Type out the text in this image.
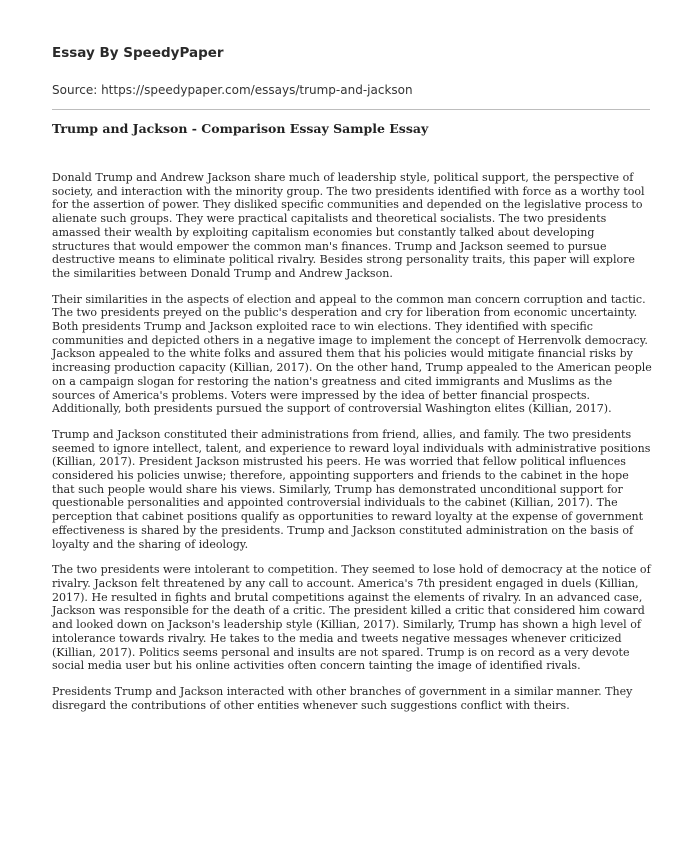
Essay By SpeedyPaper

Source: https://speedypaper.com/essays/trump-and-jackson

Trump and Jackson - Comparison Essay Sample Essay

Donald Trump and Andrew Jackson share much of leadership style, political support, the perspective of society, and interaction with the minority group. The two presidents identified with force as a worthy tool for the assertion of power. They disliked specific communities and depended on the legislative process to alienate such groups. They were practical capitalists and theoretical socialists. The two presidents amassed their wealth by exploiting capitalism economies but constantly talked about developing structures that would empower the common man's finances. Trump and Jackson seemed to pursue destructive means to eliminate political rivalry. Besides strong personality traits, this paper will explore the similarities between Donald Trump and Andrew Jackson.

Their similarities in the aspects of election and appeal to the common man concern corruption and tactic. The two presidents preyed on the public's desperation and cry for liberation from economic uncertainty. Both presidents Trump and Jackson exploited race to win elections. They identified with specific communities and depicted others in a negative image to implement the concept of Herrenvolk democracy. Jackson appealed to the white folks and assured them that his policies would mitigate financial risks by increasing production capacity (Killian, 2017). On the other hand, Trump appealed to the American people on a campaign slogan for restoring the nation's greatness and cited immigrants and Muslims as the sources of America's problems. Voters were impressed by the idea of better financial prospects. Additionally, both presidents pursued the support of controversial Washington elites (Killian, 2017).

Trump and Jackson constituted their administrations from friend, allies, and family. The two presidents seemed to ignore intellect, talent, and experience to reward loyal individuals with administrative positions (Killian, 2017). President Jackson mistrusted his peers. He was worried that fellow political influences considered his policies unwise; therefore, appointing supporters and friends to the cabinet in the hope that such people would share his views. Similarly, Trump has demonstrated unconditional support for questionable personalities and appointed controversial individuals to the cabinet (Killian, 2017). The perception that cabinet positions qualify as opportunities to reward loyalty at the expense of government effectiveness is shared by the presidents. Trump and Jackson constituted administration on the basis of loyalty and the sharing of ideology.

The two presidents were intolerant to competition. They seemed to lose hold of democracy at the notice of rivalry. Jackson felt threatened by any call to account. America's 7th president engaged in duels (Killian, 2017). He resulted in fights and brutal competitions against the elements of rivalry. In an advanced case, Jackson was responsible for the death of a critic. The president killed a critic that considered him coward and looked down on Jackson's leadership style (Killian, 2017). Similarly, Trump has shown a high level of intolerance towards rivalry. He takes to the media and tweets negative messages whenever criticized (Killian, 2017). Politics seems personal and insults are not spared. Trump is on record as a very devote social media user but his online activities often concern tainting the image of identified rivals.

Presidents Trump and Jackson interacted with other branches of government in a similar manner. They disregard the contributions of other entities whenever such suggestions conflict with theirs.
